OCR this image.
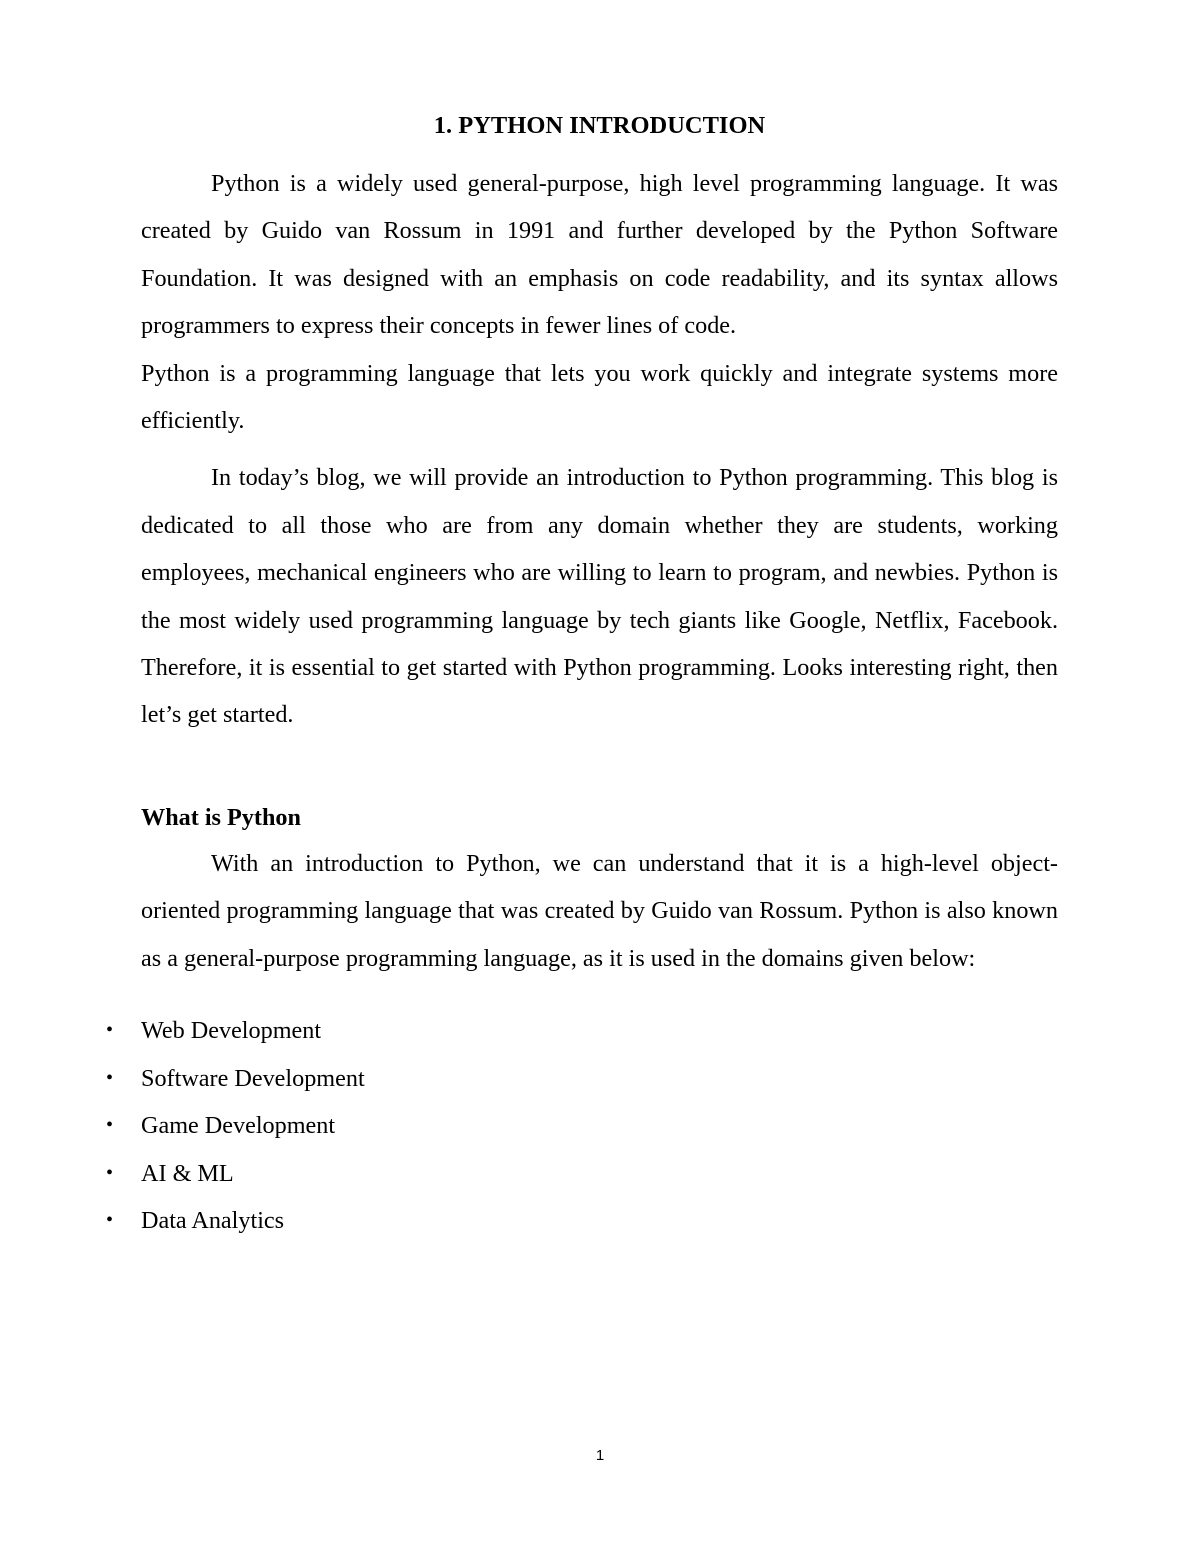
1. PYTHON INTRODUCTION

Python is a widely used general-purpose, high level programming language. It was created by Guido van Rossum in 1991 and further developed by the Python Software Foundation. It was designed with an emphasis on code readability, and its syntax allows programmers to express their concepts in fewer lines of code.

Python is a programming language that lets you work quickly and integrate systems more efficiently.

In today’s blog, we will provide an introduction to Python programming. This blog is dedicated to all those who are from any domain whether they are students, working employees, mechanical engineers who are willing to learn to program, and newbies. Python is the most widely used programming language by tech giants like Google, Netflix, Facebook. Therefore, it is essential to get started with Python programming. Looks interesting right, then let’s get started.

What is Python

With an introduction to Python, we can understand that it is a high-level object-oriented programming language that was created by Guido van Rossum. Python is also known as a general-purpose programming language, as it is used in the domains given below:

• Web Development
• Software Development
• Game Development
• AI & ML
• Data Analytics
1
